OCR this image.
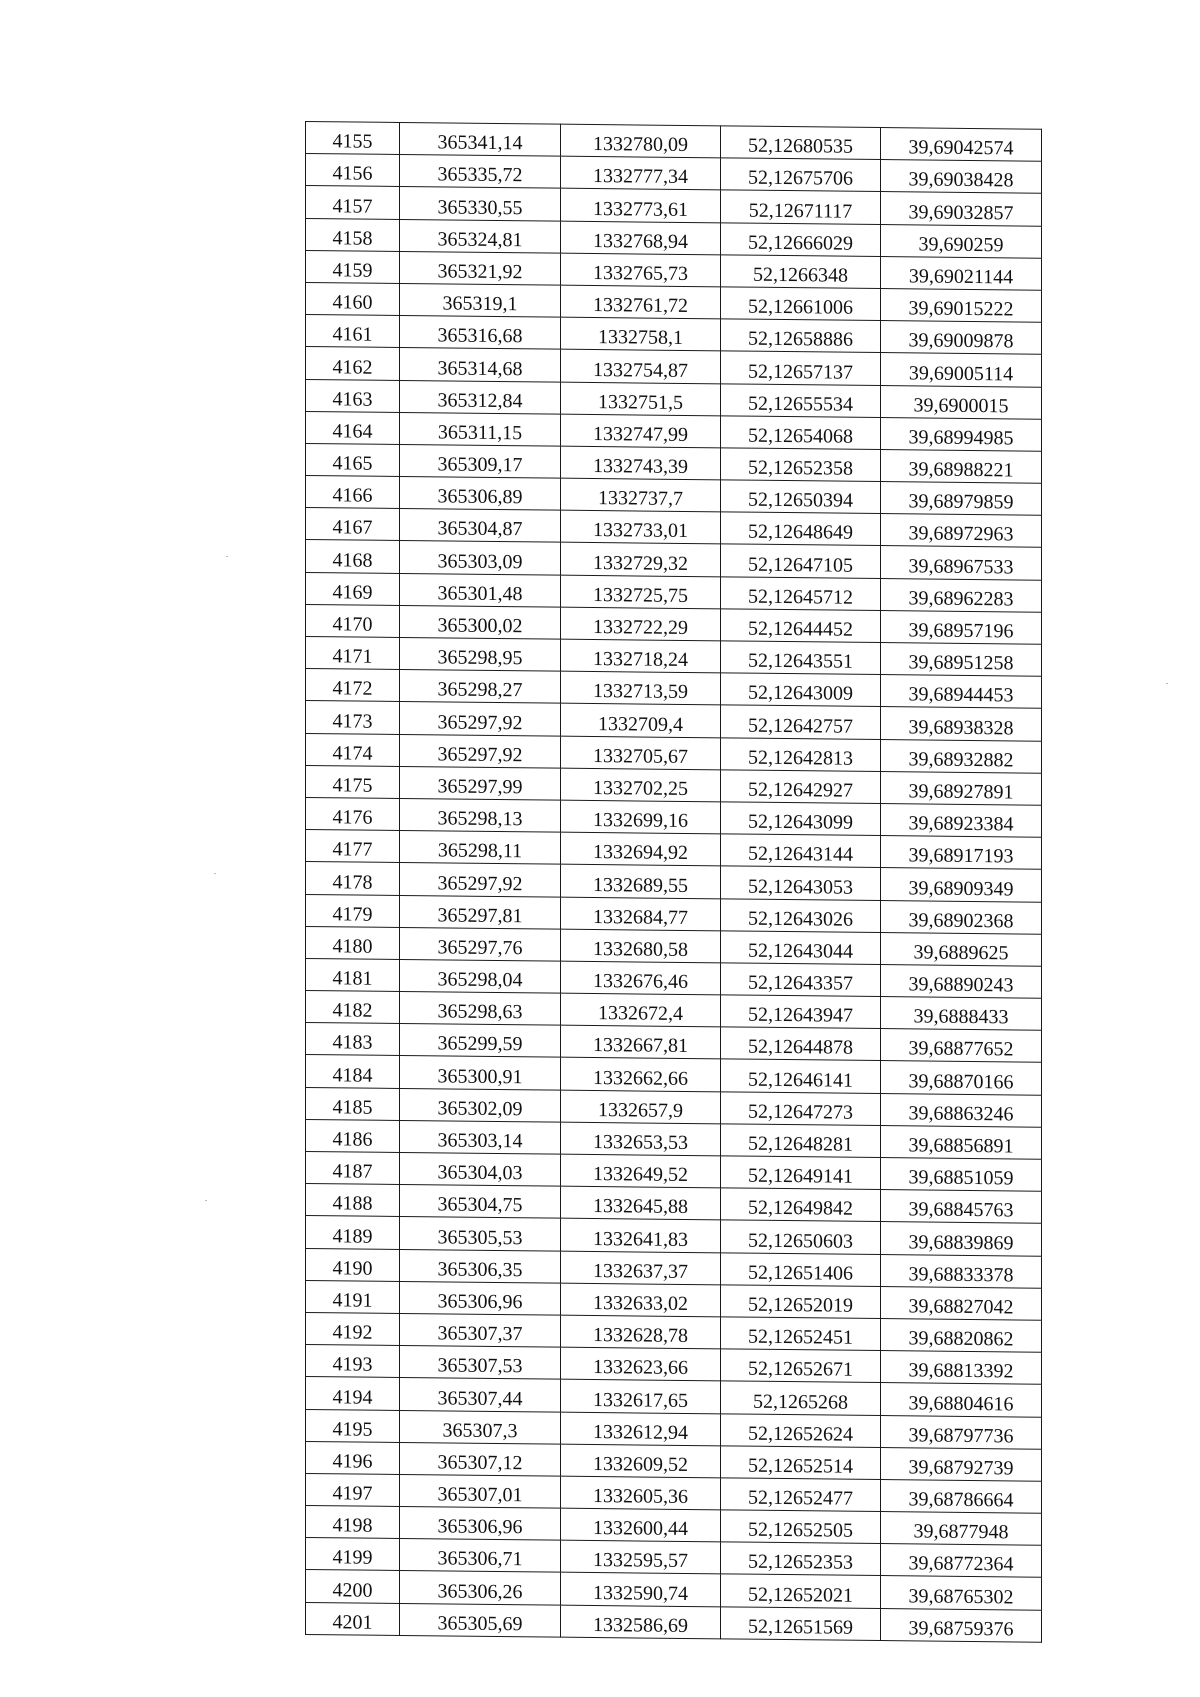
4155	365341,14	1332780,09	52,12680535	39,69042574
4156	365335,72	1332777,34	52,12675706	39,69038428
4157	365330,55	1332773,61	52,12671117	39,69032857
4158	365324,81	1332768,94	52,12666029	39,690259
4159	365321,92	1332765,73	52,1266348	39,69021144
4160	365319,1	1332761,72	52,12661006	39,69015222
4161	365316,68	1332758,1	52,12658886	39,69009878
4162	365314,68	1332754,87	52,12657137	39,69005114
4163	365312,84	1332751,5	52,12655534	39,6900015
4164	365311,15	1332747,99	52,12654068	39,68994985
4165	365309,17	1332743,39	52,12652358	39,68988221
4166	365306,89	1332737,7	52,12650394	39,68979859
4167	365304,87	1332733,01	52,12648649	39,68972963
4168	365303,09	1332729,32	52,12647105	39,68967533
4169	365301,48	1332725,75	52,12645712	39,68962283
4170	365300,02	1332722,29	52,12644452	39,68957196
4171	365298,95	1332718,24	52,12643551	39,68951258
4172	365298,27	1332713,59	52,12643009	39,68944453
4173	365297,92	1332709,4	52,12642757	39,68938328
4174	365297,92	1332705,67	52,12642813	39,68932882
4175	365297,99	1332702,25	52,12642927	39,68927891
4176	365298,13	1332699,16	52,12643099	39,68923384
4177	365298,11	1332694,92	52,12643144	39,68917193
4178	365297,92	1332689,55	52,12643053	39,68909349
4179	365297,81	1332684,77	52,12643026	39,68902368
4180	365297,76	1332680,58	52,12643044	39,6889625
4181	365298,04	1332676,46	52,12643357	39,68890243
4182	365298,63	1332672,4	52,12643947	39,6888433
4183	365299,59	1332667,81	52,12644878	39,68877652
4184	365300,91	1332662,66	52,12646141	39,68870166
4185	365302,09	1332657,9	52,12647273	39,68863246
4186	365303,14	1332653,53	52,12648281	39,68856891
4187	365304,03	1332649,52	52,12649141	39,68851059
4188	365304,75	1332645,88	52,12649842	39,68845763
4189	365305,53	1332641,83	52,12650603	39,68839869
4190	365306,35	1332637,37	52,12651406	39,68833378
4191	365306,96	1332633,02	52,12652019	39,68827042
4192	365307,37	1332628,78	52,12652451	39,68820862
4193	365307,53	1332623,66	52,12652671	39,68813392
4194	365307,44	1332617,65	52,1265268	39,68804616
4195	365307,3	1332612,94	52,12652624	39,68797736
4196	365307,12	1332609,52	52,12652514	39,68792739
4197	365307,01	1332605,36	52,12652477	39,68786664
4198	365306,96	1332600,44	52,12652505	39,6877948
4199	365306,71	1332595,57	52,12652353	39,68772364
4200	365306,26	1332590,74	52,12652021	39,68765302
4201	365305,69	1332586,69	52,12651569	39,68759376
